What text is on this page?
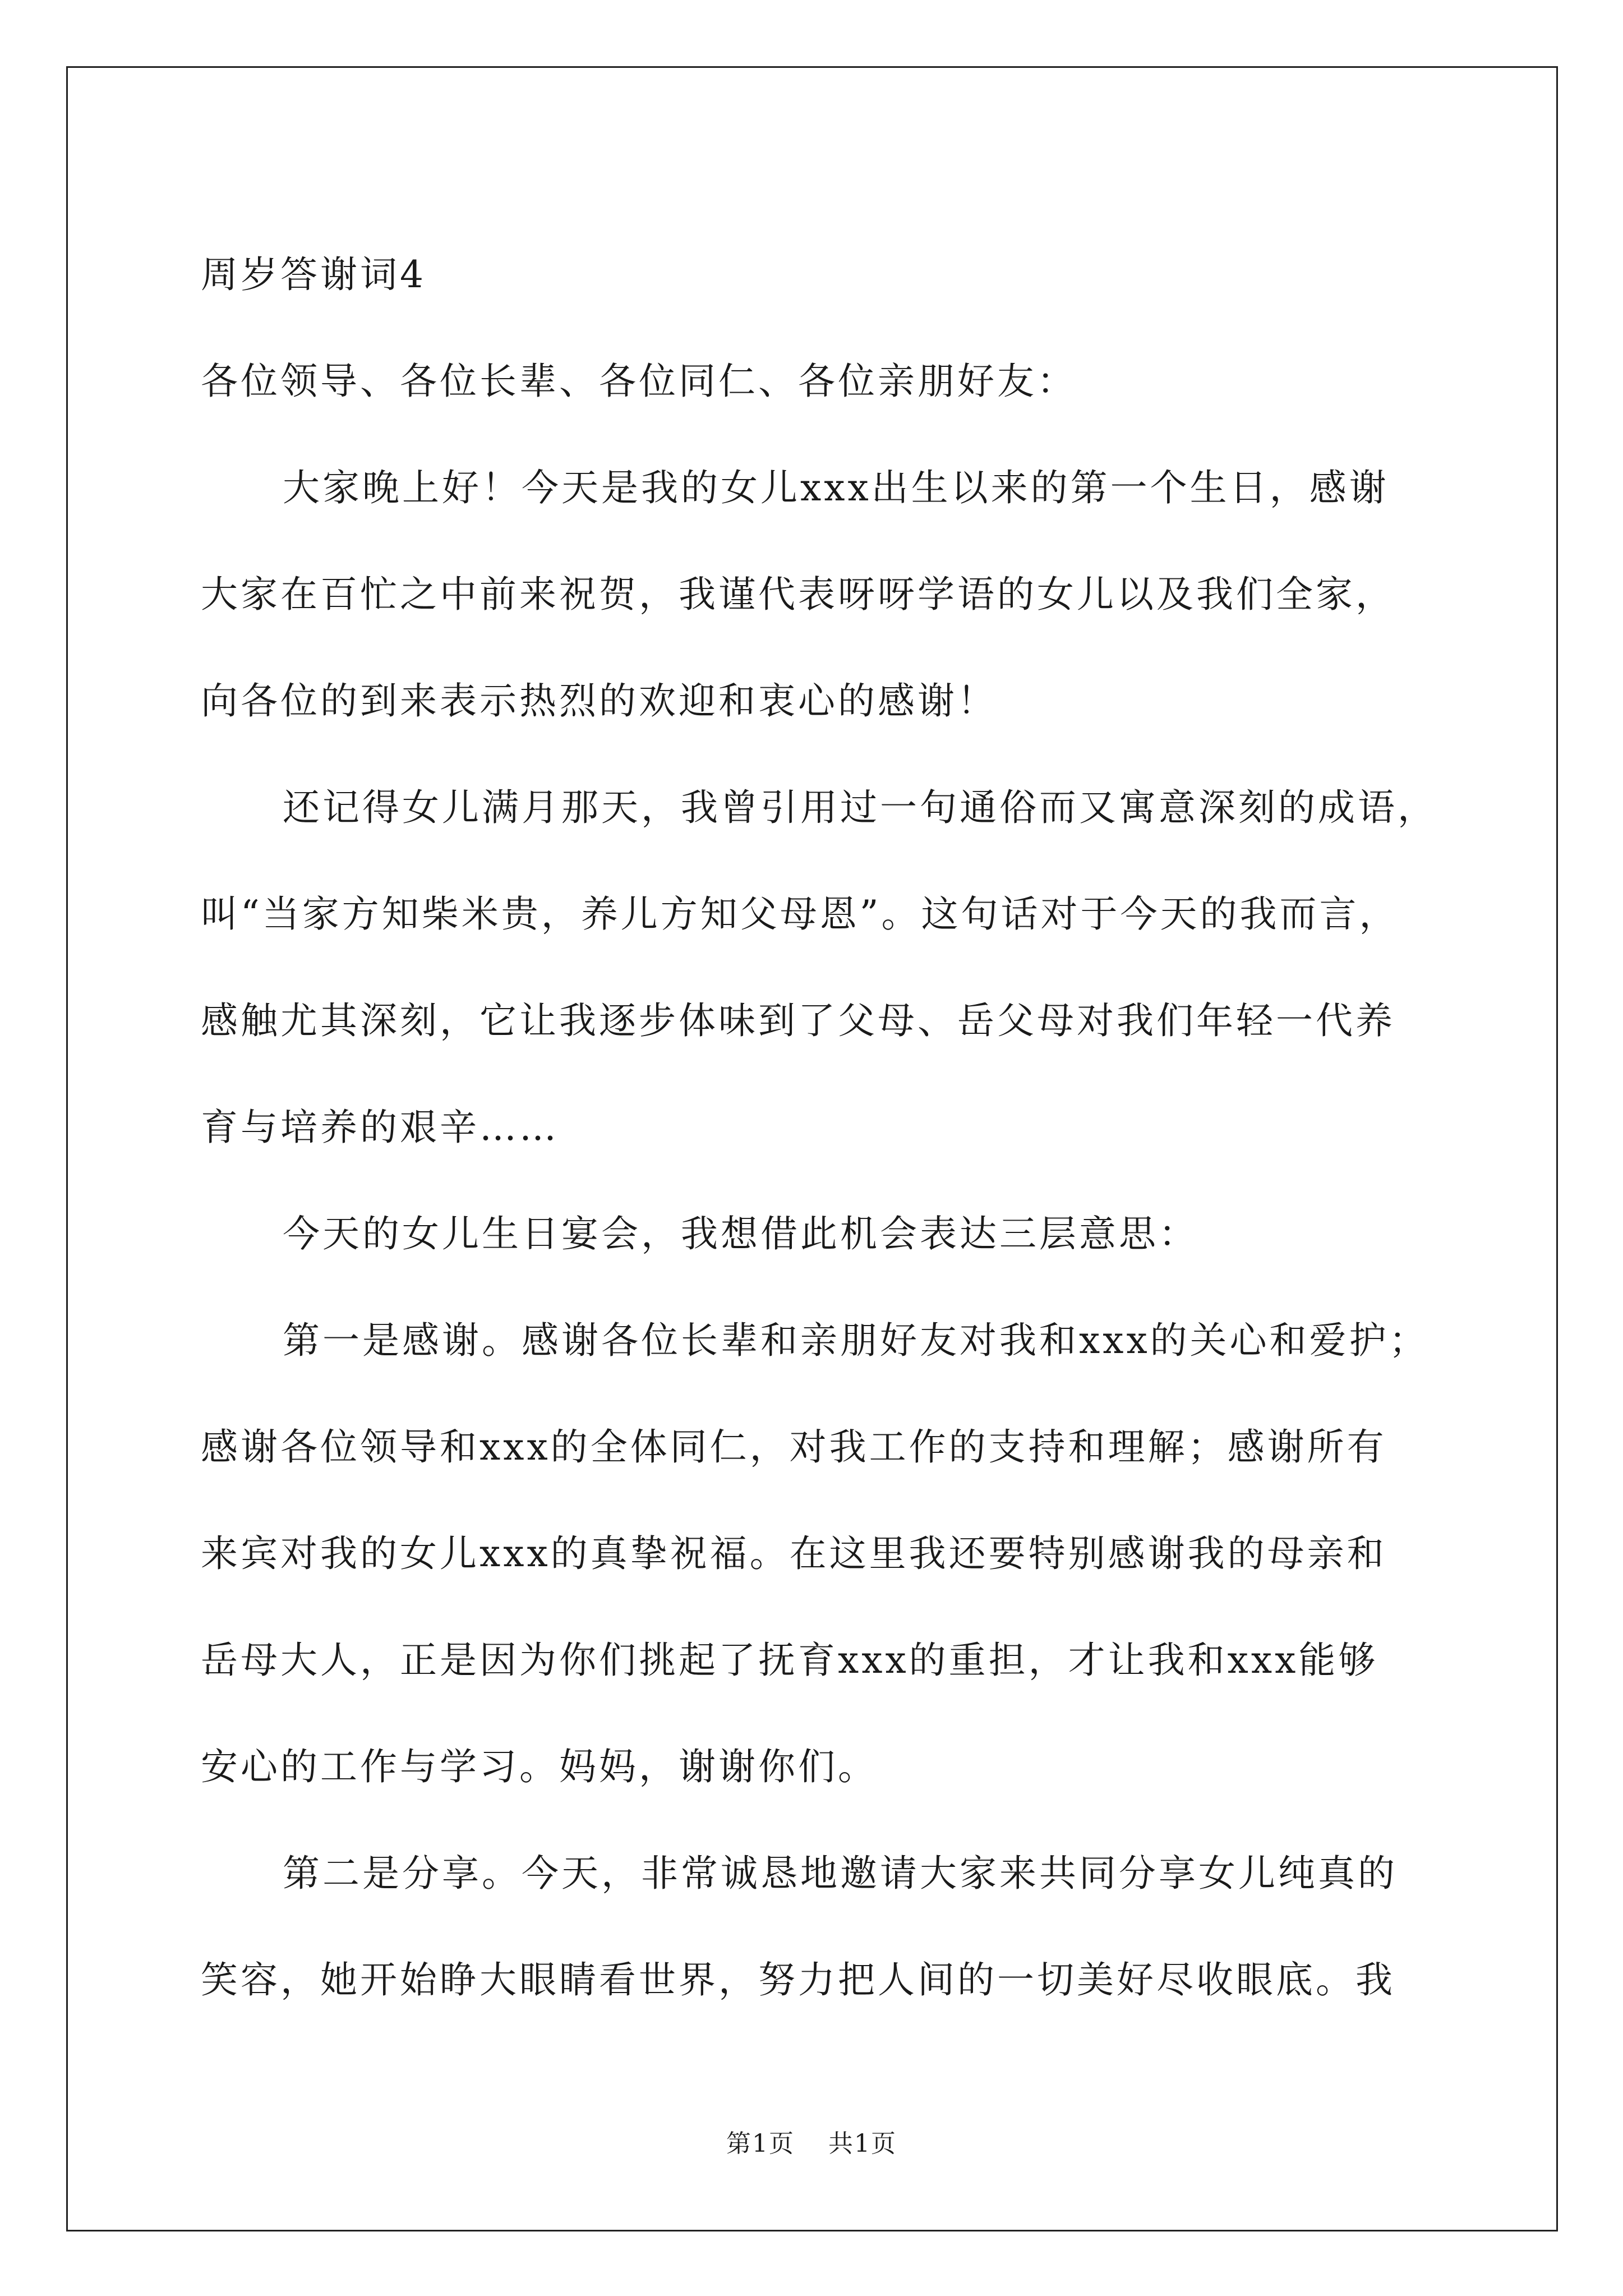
周岁答谢词4
各位领导、各位长辈、各位同仁、各位亲朋好友：
大家晚上好！今天是我的女儿xxx出生以来的第一个生日，感谢
大家在百忙之中前来祝贺，我谨代表呀呀学语的女儿以及我们全家，
向各位的到来表示热烈的欢迎和衷心的感谢！
还记得女儿满月那天，我曾引用过一句通俗而又寓意深刻的成语，
叫“当家方知柴米贵，养儿方知父母恩”。这句话对于今天的我而言，
感触尤其深刻，它让我逐步体味到了父母、岳父母对我们年轻一代养
育与培养的艰辛……
今天的女儿生日宴会，我想借此机会表达三层意思：
第一是感谢。感谢各位长辈和亲朋好友对我和xxx的关心和爱护；
感谢各位领导和xxx的全体同仁，对我工作的支持和理解；感谢所有
来宾对我的女儿xxx的真挚祝福。在这里我还要特别感谢我的母亲和
岳母大人，正是因为你们挑起了抚育xxx的重担，才让我和xxx能够
安心的工作与学习。妈妈，谢谢你们。
第二是分享。今天，非常诚恳地邀请大家来共同分享女儿纯真的
笑容，她开始睁大眼睛看世界，努力把人间的一切美好尽收眼底。我
第1页 共1页
